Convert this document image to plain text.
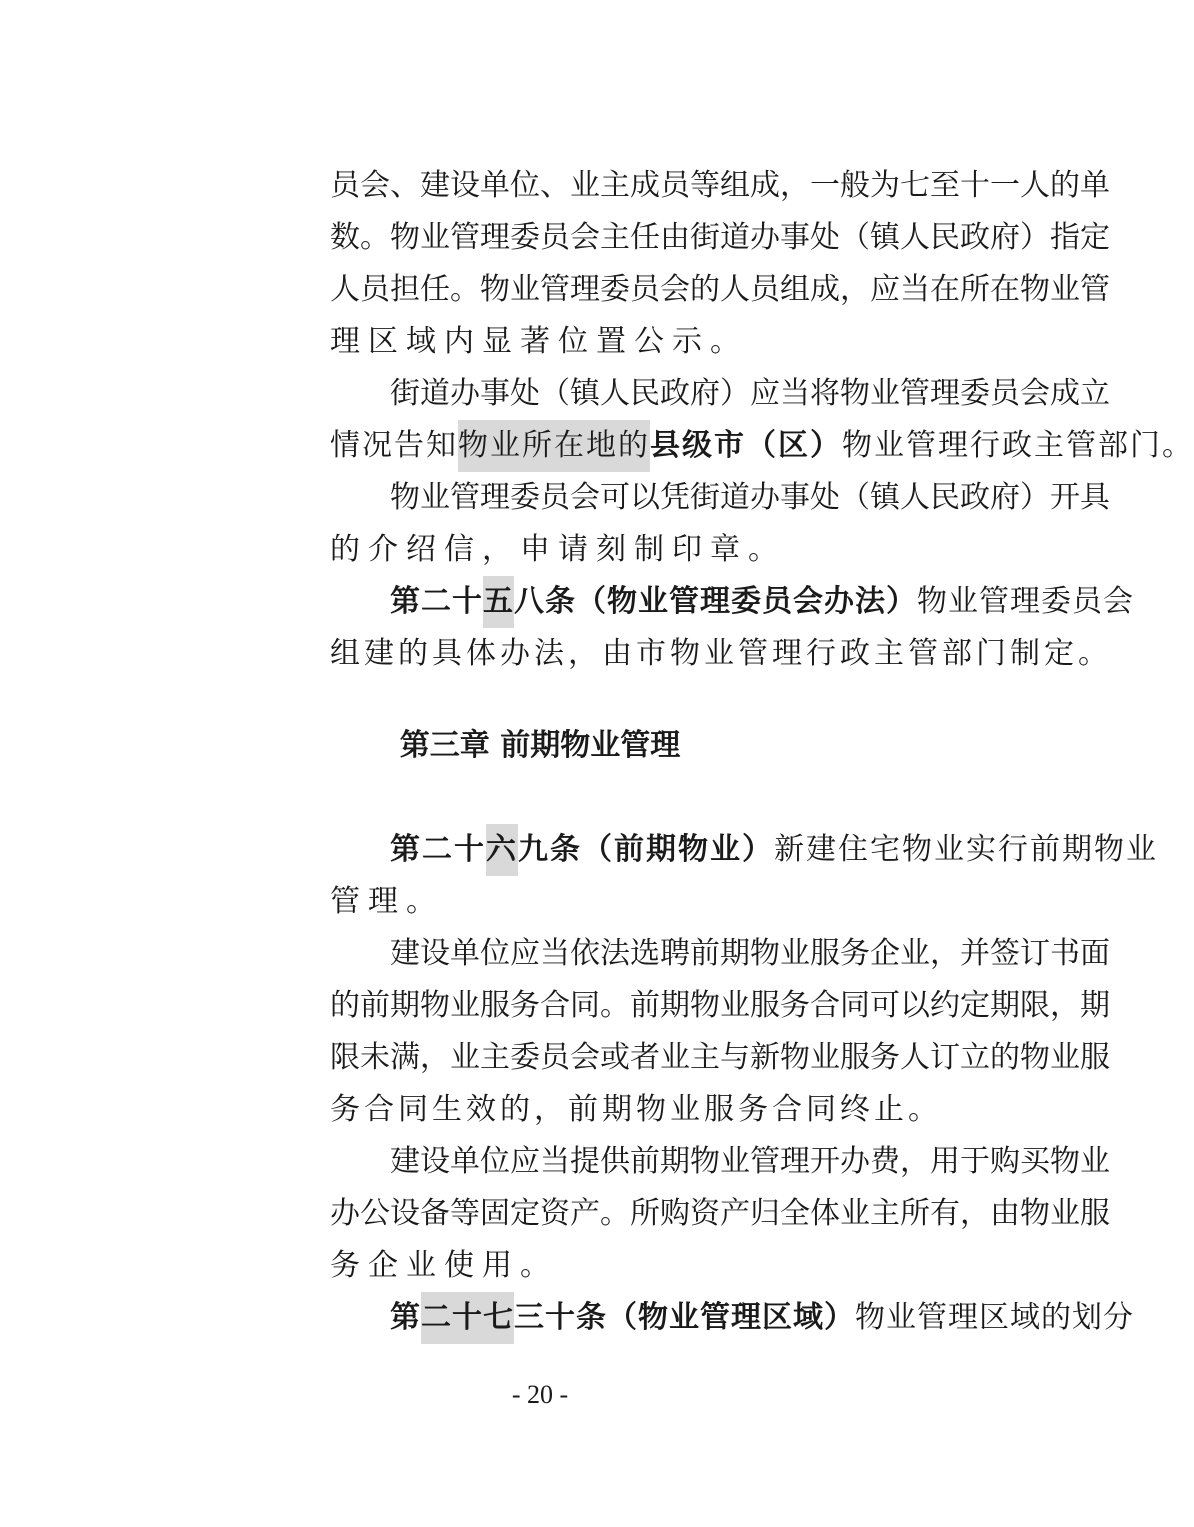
员 会 、 建 设 单 位 、 业 主 成 员 等 组 成 ， 一 般 为 七 至 十 一 人 的 单
数 。 物 业 管 理 委 员 会 主 任 由 街 道 办 事 处 （ 镇 人 民 政 府 ） 指 定
人 员 担 任 。 物 业 管 理 委 员 会 的 人 员 组 成 ， 应 当 在 所 在 物 业 管
理区域内显著位置公示。
街 道 办 事 处 （ 镇 人 民 政 府 ） 应 当 将 物 业 管 理 委 员 会 成 立
情况告知 物业所在地的 县级市（区） 物业管理行政主管部门。
物 业 管 理 委 员 会 可 以 凭 街 道 办 事 处 （ 镇 人 民 政 府 ） 开 具
的介绍信，申请刻制印章。
第二十 五 八条（物业管理委员会办法） 物业管理委员会
组建的具体办法，由市物业管理行政主管部门制定。
第二十 六 九条（前期物业） 新建住宅物业实行前期物业
管理。
建 设 单 位 应 当 依 法 选 聘 前 期 物 业 服 务 企 业 ， 并 签 订 书 面
的 前 期 物 业 服 务 合 同 。 前 期 物 业 服 务 合 同 可 以 约 定 期 限 ， 期
限 未 满 ， 业 主 委 员 会 或 者 业 主 与 新 物 业 服 务 人 订 立 的 物 业 服
务合同生效的，前期物业服务合同终止。
建 设 单 位 应 当 提 供 前 期 物 业 管 理 开 办 费 ， 用 于 购 买 物 业
办 公 设 备 等 固 定 资 产 。 所 购 资 产 归 全 体 业 主 所 有 ， 由 物 业 服
务企业使用。
第 二十七 三十条（物业管理区域） 物业管理区域的划分
第三章 前期物业管理
- 20 -
